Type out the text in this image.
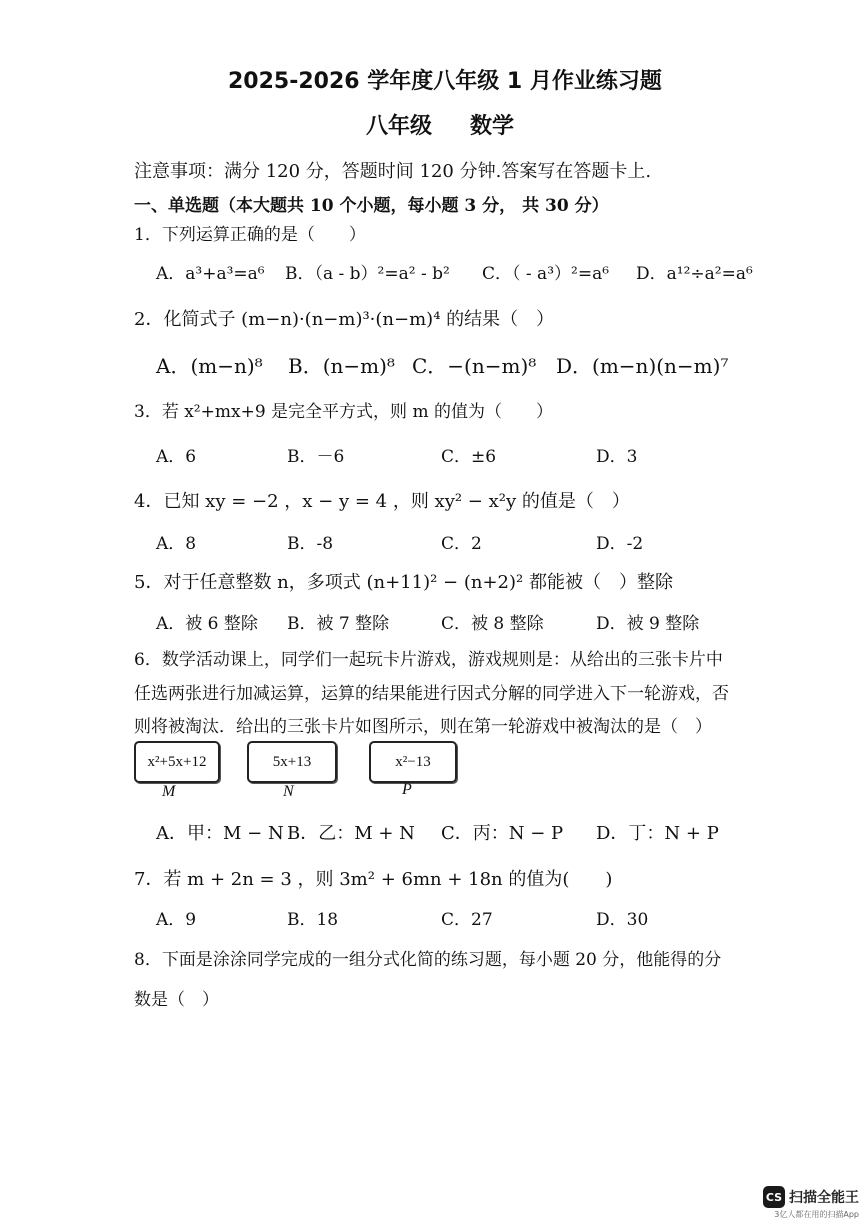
2025-2026 学年度八年级 1 月作业练习题
八年级 数学
注意事项：满分 120 分，答题时间 120 分钟.答案写在答题卡上.
一、单选题（本大题共 10 个小题，每小题 3 分， 共 30 分）
1．下列运算正确的是（　　）
A．a³+a³=a⁶ B．（a - b）²=a² - b² C．（ - a³）²=a⁶ D．a¹²÷a²=a⁶
2．化简式子 (m−n)·(n−m)³·(n−m)⁴ 的结果（　）
A．(m−n)⁸ B．(n−m)⁸ C．−(n−m)⁸ D．(m−n)(n−m)⁷
3．若 x²+mx+9 是完全平方式，则 m 的值为（　　）
A．6	B．－6	C．±6	D．3
4．已知 xy = −2 ，x − y = 4 ，则 xy² − x²y 的值是（　）
A．8	B．-8	C．2	D．-2
5．对于任意整数 n，多项式 (n+11)² − (n+2)² 都能被（　）整除
A．被 6 整除 B．被 7 整除	C．被 8 整除	D．被 9 整除
6．数学活动课上，同学们一起玩卡片游戏，游戏规则是：从给出的三张卡片中
任选两张进行加减运算，运算的结果能进行因式分解的同学进入下一轮游戏，否
则将被淘汰．给出的三张卡片如图所示，则在第一轮游戏中被淘汰的是（　）
x²+5x+12
M
5x+13
N
x²−13
P
A．甲：M − N B．乙：M + N C．丙：N − P D．丁：N + P
7．若 m + 2n = 3 ，则 3m² + 6mn + 18n 的值为(　　)
A．9	B．18	C．27	D．30
8．下面是涂涂同学完成的一组分式化简的练习题，每小题 20 分，他能得的分
数是（　）
CS 扫描全能王
3亿人都在用的扫描App
